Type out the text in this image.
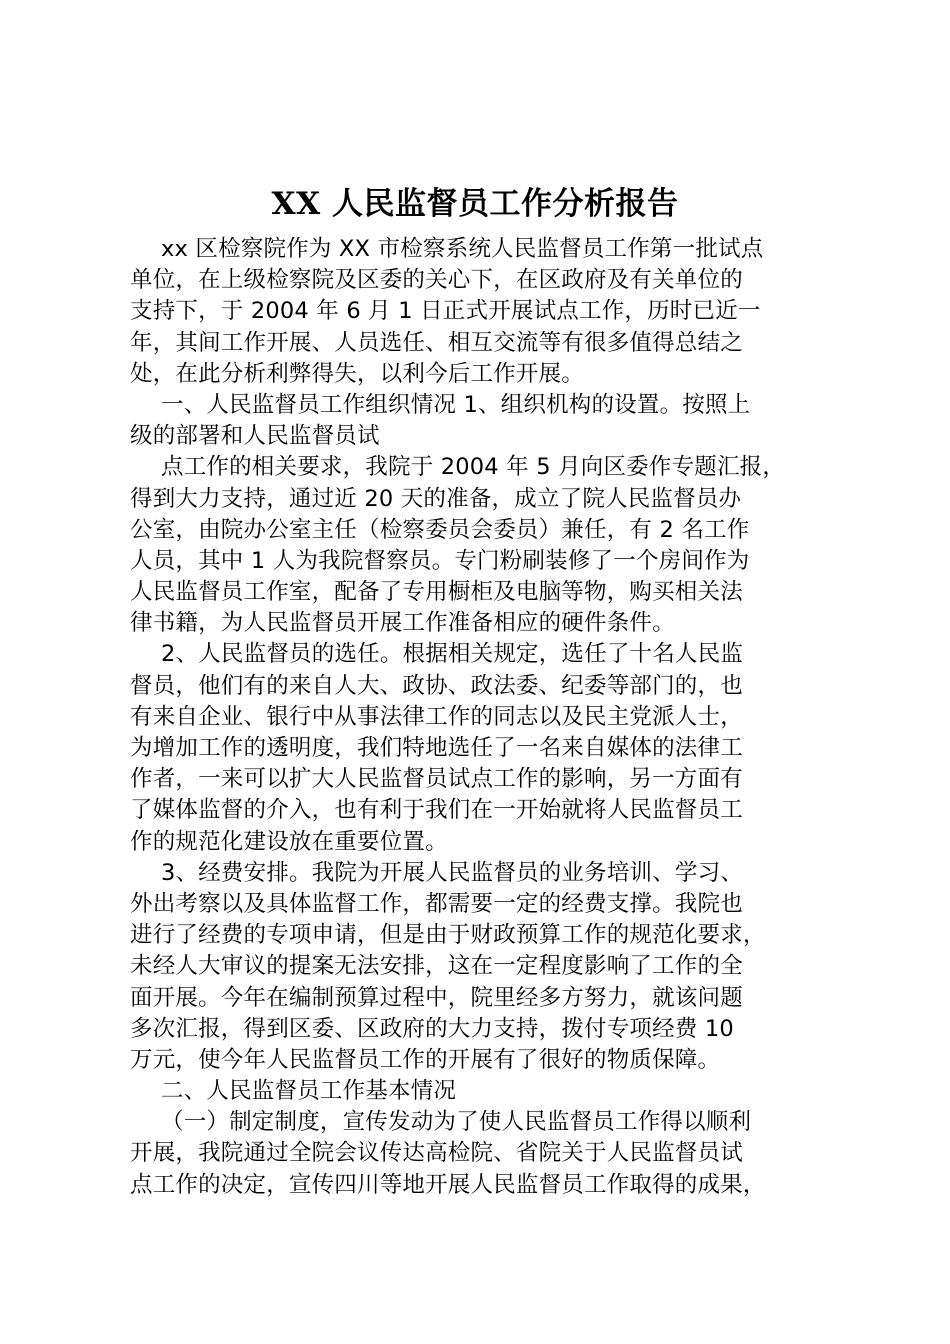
XX 人民监督员工作分析报告
xx 区检察院作为 XX 市检察系统人民监督员工作第一批试点
单位，在上级检察院及区委的关心下，在区政府及有关单位的
支持下，于 2004 年 6 月 1 日正式开展试点工作，历时已近一
年，其间工作开展、人员选任、相互交流等有很多值得总结之
处，在此分析利弊得失，以利今后工作开展。
一、人民监督员工作组织情况 1、组织机构的设置。按照上
级的部署和人民监督员试
点工作的相关要求，我院于 2004 年 5 月向区委作专题汇报，
得到大力支持，通过近 20 天的准备，成立了院人民监督员办
公室，由院办公室主任（检察委员会委员）兼任，有 2 名工作
人员，其中 1 人为我院督察员。专门粉刷装修了一个房间作为
人民监督员工作室，配备了专用橱柜及电脑等物，购买相关法
律书籍，为人民监督员开展工作准备相应的硬件条件。
2、人民监督员的选任。根据相关规定，选任了十名人民监
督员，他们有的来自人大、政协、政法委、纪委等部门的，也
有来自企业、银行中从事法律工作的同志以及民主党派人士，
为增加工作的透明度，我们特地选任了一名来自媒体的法律工
作者，一来可以扩大人民监督员试点工作的影响，另一方面有
了媒体监督的介入，也有利于我们在一开始就将人民监督员工
作的规范化建设放在重要位置。
3、经费安排。我院为开展人民监督员的业务培训、学习、
外出考察以及具体监督工作，都需要一定的经费支撑。我院也
进行了经费的专项申请，但是由于财政预算工作的规范化要求，
未经人大审议的提案无法安排，这在一定程度影响了工作的全
面开展。今年在编制预算过程中，院里经多方努力，就该问题
多次汇报，得到区委、区政府的大力支持，拨付专项经费 10
万元，使今年人民监督员工作的开展有了很好的物质保障。
二、人民监督员工作基本情况
（一）制定制度，宣传发动为了使人民监督员工作得以顺利
开展，我院通过全院会议传达高检院、省院关于人民监督员试
点工作的决定，宣传四川等地开展人民监督员工作取得的成果，
